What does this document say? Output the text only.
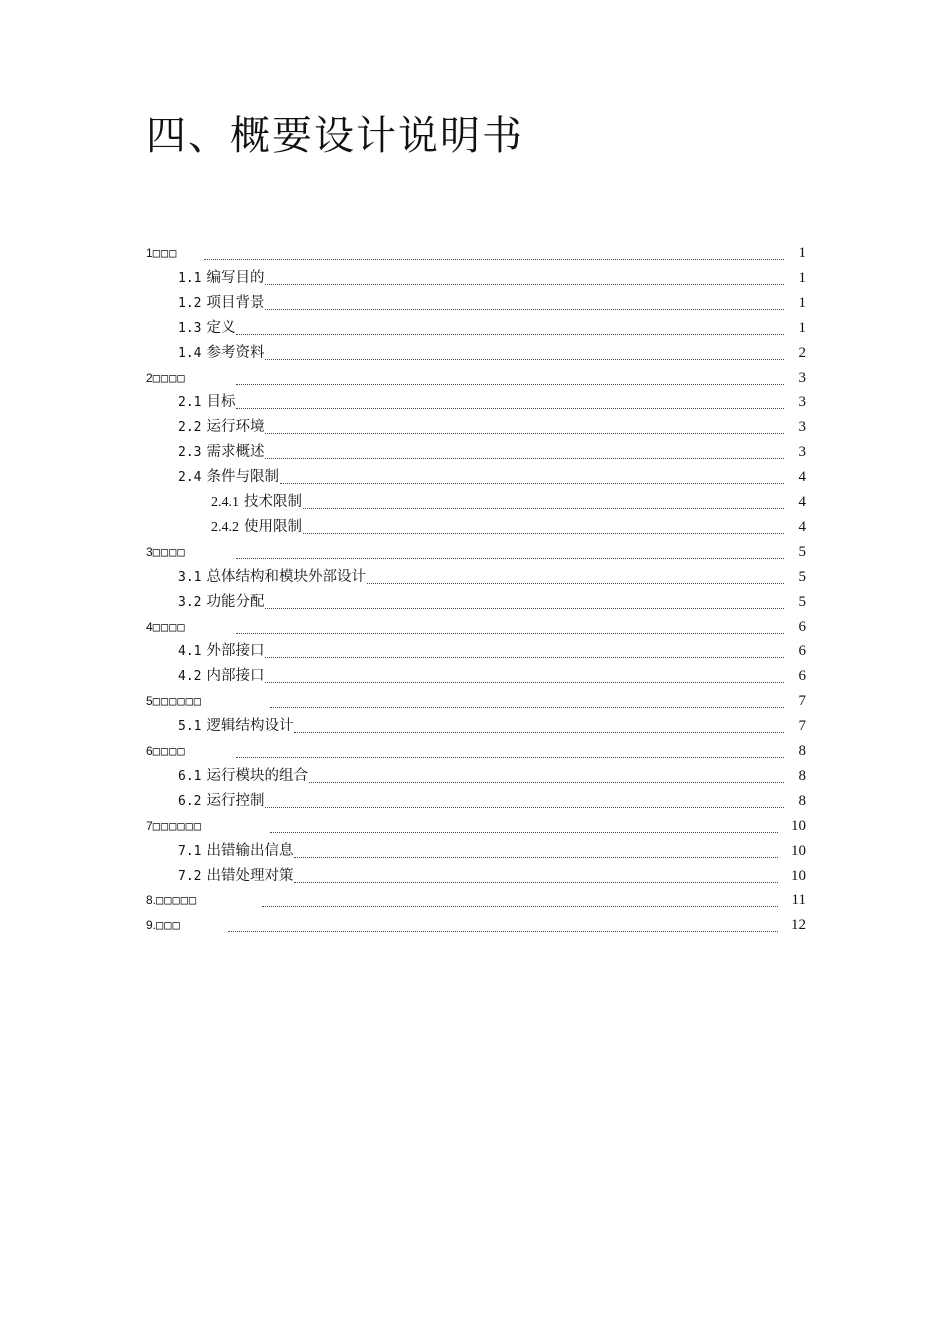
四、概要设计说明书
1 □□□	1
1.1 编写目的	1
1.2 项目背景	1
1.3 定义	1
1.4 参考资料	2
2 □□□□	3
2.1 目标	3
2.2 运行环境	3
2.3 需求概述	3
2.4 条件与限制	4
2.4.1 技术限制	4
2.4.2 使用限制	4
3 □□□□	5
3.1 总体结构和模块外部设计	5
3.2 功能分配	5
4 □□□□	6
4.1 外部接口	6
4.2 内部接口	6
5 □□□□□□	7
5.1 逻辑结构设计	7
6 □□□□	8
6.1 运行模块的组合	8
6.2 运行控制	8
7 □□□□□□	10
7.1 出错输出信息	10
7.2 出错处理对策	10
8. □□□□□	11
9. □□□	12
